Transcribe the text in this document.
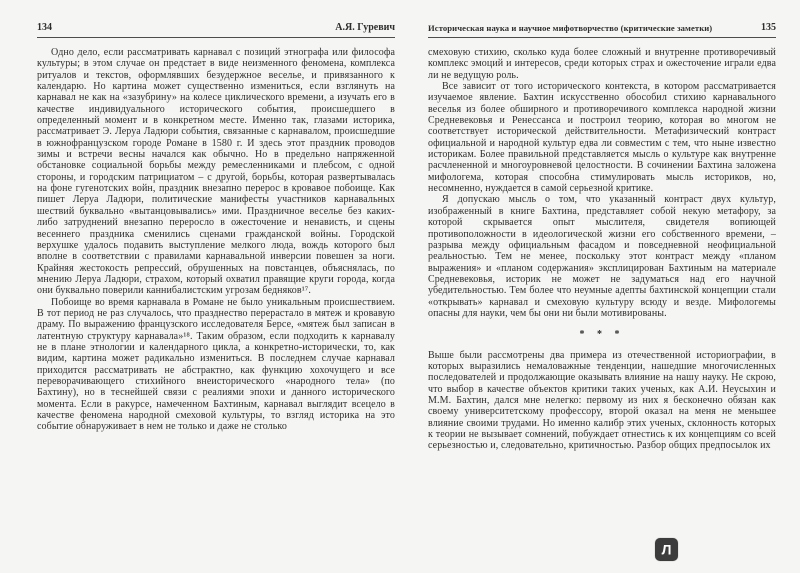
134	А.Я. Гуревич

Одно дело, если рассматривать карнавал с позиций этнографа или философа культуры; в этом случае он предстает в виде неизменного феномена, комплекса ритуалов и текстов, оформлявших безудержное веселье, и привязанного к календарю. Но картина может существенно измениться, если взглянуть на карнавал не как на «зазубрину» на колесе циклического времени, а изучать его в качестве индивидуального исторического события, происшедшего в определенный момент и в конкретном месте. Именно так, глазами историка, рассматривает Э. Леруа Ладюри события, связанные с карнавалом, происшедшие в южнофранцузском городе Романе в 1580 г. И здесь этот праздник проводов зимы и встречи весны начался как обычно. Но в предельно напряженной обстановке социальной борьбы между ремесленниками и плебсом, с одной стороны, и городским патрициатом – с другой, борьбы, которая развертывалась на фоне гугенотских войн, праздник внезапно перерос в кровавое побоище. Как пишет Леруа Ладюри, политические манифесты участников карнавальных шествий буквально «вытанцовывались» ими. Праздничное веселье без каких-либо затруднений внезапно переросло в ожесточение и ненависть, и сцены весеннего праздника сменились сценами гражданской войны. Городской верхушке удалось подавить выступление мелкого люда, вождь которого был вполне в соответствии с правилами карнавальной инверсии повешен за ноги. Крайняя жестокость репрессий, обрушенных на повстанцев, объяснялась, по мнению Леруа Ладюри, страхом, который охватил правящие круги города, когда они буквально поверили каннибалистским угрозам бедняков¹⁷.

Побоище во время карнавала в Романе не было уникальным происшествием. В тот период не раз случалось, что празднество перерастало в мятеж и кровавую драму. По выражению французского исследователя Берсе, «мятеж был записан в латентную структуру карнавала»¹⁸. Таким образом, если подходить к карнавалу не в плане этнологии и календарного цикла, а конкретно-исторически, то, как видим, картина может радикально измениться. В последнем случае карнавал приходится рассматривать не абстрактно, как функцию хохочущего и все переворачивающего стихийного внеисторического «народного тела» (по Бахтину), но в теснейшей связи с реалиями эпохи и данного исторического момента. Если в ракурсе, намеченном Бахтиным, карнавал выглядит всецело в качестве феномена народной смеховой культуры, то взгляд историка на это событие обнаруживает в нем не только и даже не столько

Историческая наука и научное мифотворчество (критические заметки)	135

смеховую стихию, сколько куда более сложный и внутренне противоречивый комплекс эмоций и интересов, среди которых страх и ожесточение играли едва ли не ведущую роль.

Все зависит от того исторического контекста, в котором рассматривается изучаемое явление. Бахтин искусственно обособил стихию карнавального веселья из более обширного и противоречивого комплекса народной жизни Средневековья и Ренессанса и построил теорию, которая во многом не соответствует исторической действительности. Метафизический контраст официальной и народной культур едва ли совместим с тем, что ныне известно историкам. Более правильной представляется мысль о культуре как внутренне расчлененной и многоуровневой целостности. В сочинении Бахтина заложена мифологема, которая способна стимулировать мысль историков, но, несомненно, нуждается в самой серьезной критике.

Я допускаю мысль о том, что указанный контраст двух культур, изображенный в книге Бахтина, представляет собой некую метафору, за которой скрывается опыт мыслителя, свидетеля вопиющей противоположности в идеологической жизни его собственного времени, – разрыва между официальным фасадом и повседневной неофициальной реальностью. Тем не менее, поскольку этот контраст между «планом выражения» и «планом содержания» эксплицирован Бахтиным на материале Средневековья, историк не может не задуматься над его научной убедительностью. Тем более что неумные адепты бахтинской концепции стали «открывать» карнавал и смеховую культуру всюду и везде. Мифологемы опасны для науки, чем бы они ни были мотивированы.

* * *

Выше были рассмотрены два примера из отечественной историографии, в которых выразились немаловажные тенденции, нашедшие многочисленных последователей и продолжающие оказывать влияние на нашу науку. Не скрою, что выбор в качестве объектов критики таких ученых, как А.И. Неусыхин и М.М. Бахтин, дался мне нелегко: первому из них я бесконечно обязан как своему университетскому профессору, второй оказал на меня не меньшее влияние своими трудами. Но именно калибр этих ученых, склонность которых к теории не вызывает сомнений, побуждает отнестись к их концепциям со всей серьезностью и, следовательно, критичностью. Разбор общих предпосылок их

Л
